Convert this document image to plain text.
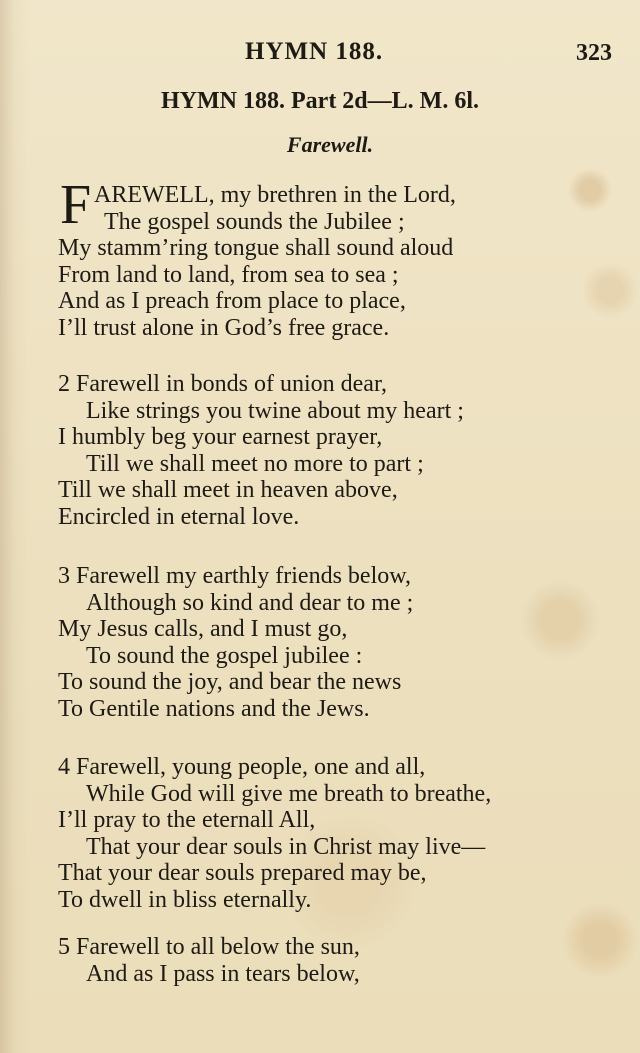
HYMN 188.	323
HYMN 188. Part 2d—L. M. 6l.
Farewell.
F AREWELL, my brethren in the Lord,
The gospel sounds the Jubilee ;
My stamm’ring tongue shall sound aloud
From land to land, from sea to sea ;
And as I preach from place to place,
I’ll trust alone in God’s free grace.
2 Farewell in bonds of union dear,
Like strings you twine about my heart ;
I humbly beg your earnest prayer,
Till we shall meet no more to part ;
Till we shall meet in heaven above,
Encircled in eternal love.
3 Farewell my earthly friends below,
Although so kind and dear to me ;
My Jesus calls, and I must go,
To sound the gospel jubilee :
To sound the joy, and bear the news
To Gentile nations and the Jews.
4 Farewell, young people, one and all,
While God will give me breath to breathe,
I’ll pray to the eternall All,
That your dear souls in Christ may live—
That your dear souls prepared may be,
To dwell in bliss eternally.
5 Farewell to all below the sun,
And as I pass in tears below,
